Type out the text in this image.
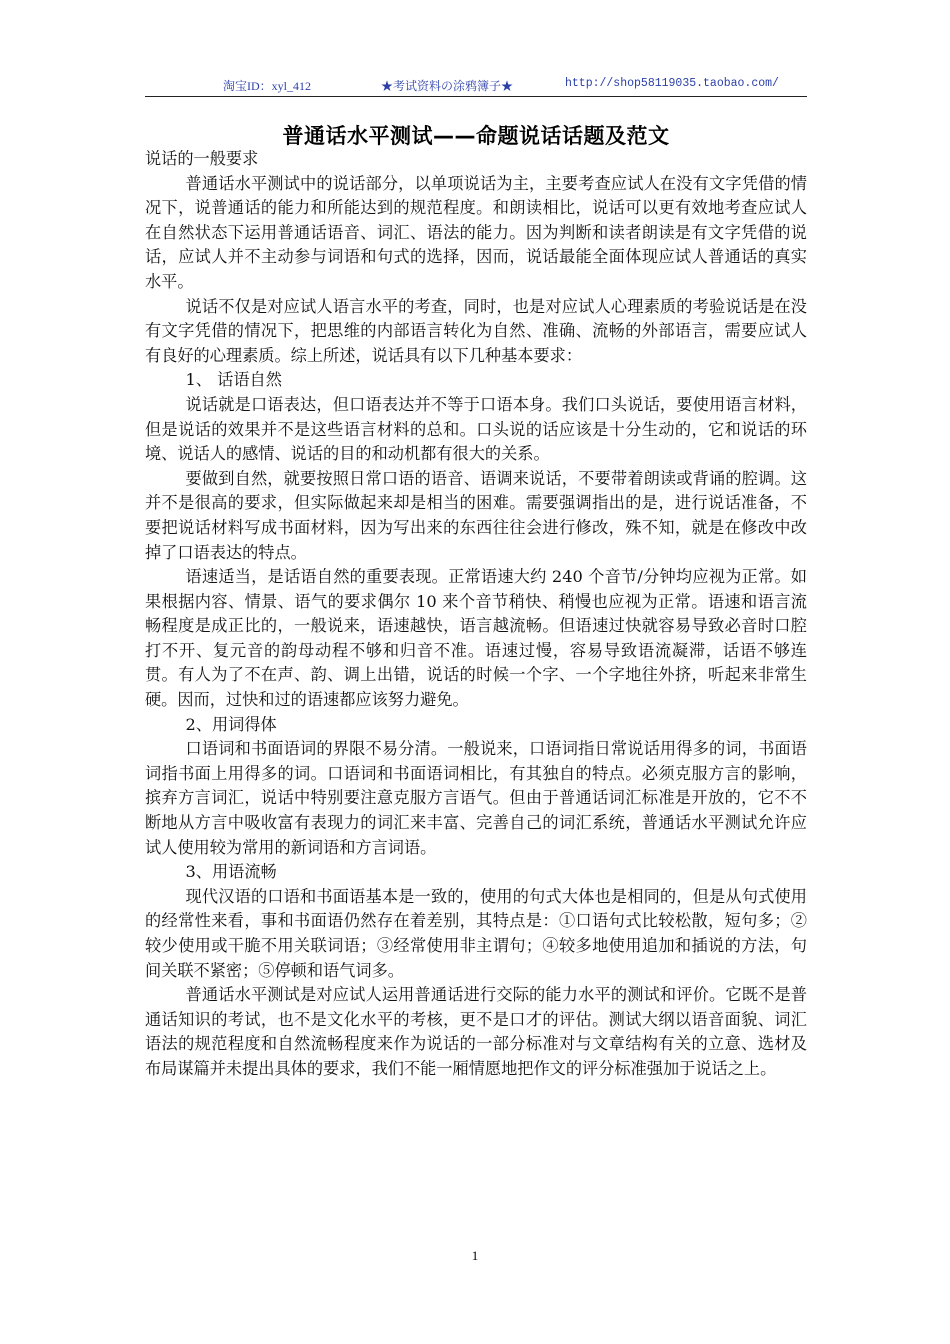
淘宝ID：xyl_412	★考试资料の涂鸦簿子★	http://shop58119035.taobao.com/
普通话水平测试——命题说话话题及范文

说话的一般要求

普通话水平测试中的说话部分，以单项说话为主，主要考查应试人在没有文字凭借的情况下，说普通话的能力和所能达到的规范程度。和朗读相比，说话可以更有效地考查应试人在自然状态下运用普通话语音、词汇、语法的能力。因为判断和读者朗读是有文字凭借的说话，应试人并不主动参与词语和句式的选择，因而，说话最能全面体现应试人普通话的真实水平。

说话不仅是对应试人语言水平的考查，同时，也是对应试人心理素质的考验说话是在没有文字凭借的情况下，把思维的内部语言转化为自然、准确、流畅的外部语言，需要应试人有良好的心理素质。综上所述，说话具有以下几种基本要求：

1、 话语自然

说话就是口语表达，但口语表达并不等于口语本身。我们口头说话，要使用语言材料，但是说话的效果并不是这些语言材料的总和。口头说的话应该是十分生动的，它和说话的环境、说话人的感情、说话的目的和动机都有很大的关系。

要做到自然，就要按照日常口语的语音、语调来说话，不要带着朗读或背诵的腔调。这并不是很高的要求，但实际做起来却是相当的困难。需要强调指出的是，进行说话准备，不要把说话材料写成书面材料，因为写出来的东西往往会进行修改，殊不知，就是在修改中改掉了口语表达的特点。

语速适当，是话语自然的重要表现。正常语速大约 240 个音节/分钟均应视为正常。如果根据内容、情景、语气的要求偶尔 10 来个音节稍快、稍慢也应视为正常。语速和语言流畅程度是成正比的，一般说来，语速越快，语言越流畅。但语速过快就容易导致必音时口腔打不开、复元音的韵母动程不够和归音不准。语速过慢，容易导致语流凝滞，话语不够连贯。有人为了不在声、韵、调上出错，说话的时候一个字、一个字地往外挤，听起来非常生硬。因而，过快和过的语速都应该努力避免。

2、用词得体

口语词和书面语词的界限不易分清。一般说来，口语词指日常说话用得多的词，书面语词指书面上用得多的词。口语词和书面语词相比，有其独自的特点。必须克服方言的影响，摈弃方言词汇，说话中特别要注意克服方言语气。但由于普通话词汇标准是开放的，它不不断地从方言中吸收富有表现力的词汇来丰富、完善自己的词汇系统，普通话水平测试允许应试人使用较为常用的新词语和方言词语。

3、用语流畅

现代汉语的口语和书面语基本是一致的，使用的句式大体也是相同的，但是从句式使用的经常性来看，事和书面语仍然存在着差别，其特点是：①口语句式比较松散，短句多；②较少使用或干脆不用关联词语；③经常使用非主谓句；④较多地使用追加和插说的方法，句间关联不紧密；⑤停顿和语气词多。

普通话水平测试是对应试人运用普通话进行交际的能力水平的测试和评价。它既不是普通话知识的考试，也不是文化水平的考核，更不是口才的评估。测试大纲以语音面貌、词汇语法的规范程度和自然流畅程度来作为说话的一部分标准对与文章结构有关的立意、选材及布局谋篇并未提出具体的要求，我们不能一厢情愿地把作文的评分标准强加于说话之上。

1
